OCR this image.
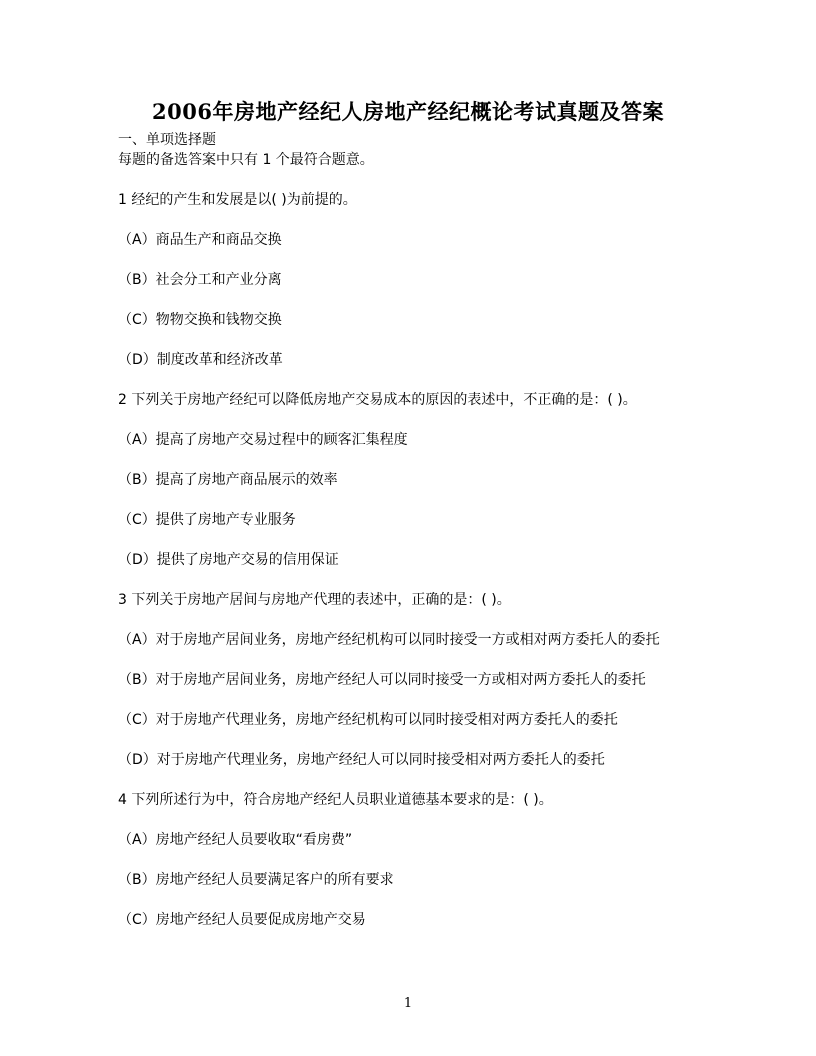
2006年房地产经纪人房地产经纪概论考试真题及答案
一、单项选择题
每题的备选答案中只有 1 个最符合题意。
1 经纪的产生和发展是以( )为前提的。
（A）商品生产和商品交换
（B）社会分工和产业分离
（C）物物交换和钱物交换
（D）制度改革和经济改革
2 下列关于房地产经纪可以降低房地产交易成本的原因的表述中，不正确的是：( )。
（A）提高了房地产交易过程中的顾客汇集程度
（B）提高了房地产商品展示的效率
（C）提供了房地产专业服务
（D）提供了房地产交易的信用保证
3 下列关于房地产居间与房地产代理的表述中，正确的是：( )。
（A）对于房地产居间业务，房地产经纪机构可以同时接受一方或相对两方委托人的委托
（B）对于房地产居间业务，房地产经纪人可以同时接受一方或相对两方委托人的委托
（C）对于房地产代理业务，房地产经纪机构可以同时接受相对两方委托人的委托
（D）对于房地产代理业务，房地产经纪人可以同时接受相对两方委托人的委托
4 下列所述行为中，符合房地产经纪人员职业道德基本要求的是：( )。
（A）房地产经纪人员要收取“看房费”
（B）房地产经纪人员要满足客户的所有要求
（C）房地产经纪人员要促成房地产交易
1
